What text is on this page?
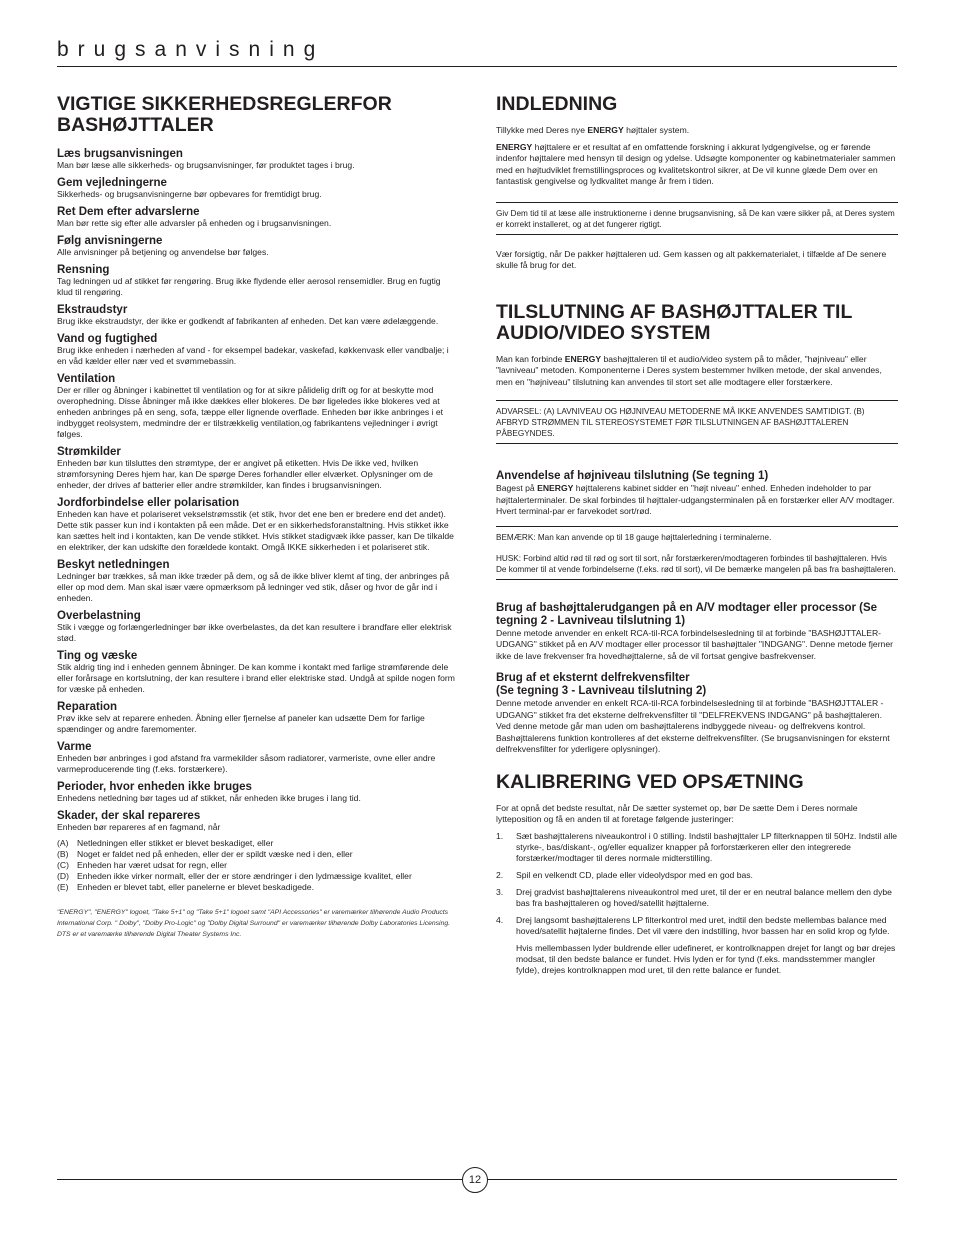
brugsanvisning
VIGTIGE SIKKERHEDSREGLERFOR BASHØJTTALER
Læs brugsanvisningen
Man bør læse alle sikkerheds- og brugsanvisninger, før produktet tages i brug.
Gem vejledningerne
Sikkerheds- og brugsanvisningerne bør opbevares for fremtidigt brug.
Ret Dem efter advarslerne
Man bør rette sig efter alle advarsler på enheden og i brugsanvisningen.
Følg anvisningerne
Alle anvisninger på betjening og anvendelse bør følges.
Rensning
Tag ledningen ud af stikket før rengøring. Brug ikke flydende eller aerosol rensemidler. Brug en fugtig klud til rengøring.
Ekstraudstyr
Brug ikke ekstraudstyr, der ikke er godkendt af fabrikanten af enheden. Det kan være ødelæggende.
Vand og fugtighed
Brug ikke enheden i nærheden af vand - for eksempel badekar, vaskefad, køkkenvask eller vandbalje; i en våd kælder eller nær ved et svømmebassin.
Ventilation
Der er riller og åbninger i kabinettet til ventilation og for at sikre pålidelig drift og for at beskytte mod overophedning. Disse åbninger må ikke dækkes eller blokeres. De bør ligeledes ikke blokeres ved at enheden anbringes på en seng, sofa, tæppe eller lignende overflade. Enheden bør ikke anbringes i et indbygget reolsystem, medmindre der er tilstrækkelig ventilation,og fabrikantens vejledninger i øvrigt følges.
Strømkilder
Enheden bør kun tilsluttes den strømtype, der er angivet på etiketten. Hvis De ikke ved, hvilken strømforsyning Deres hjem har, kan De spørge Deres forhandler eller elværket. Oplysninger om de enheder, der drives af batterier eller andre strømkilder, kan findes i brugsanvisningen.
Jordforbindelse eller polarisation
Enheden kan have et polariseret vekselstrømsstik (et stik, hvor det ene ben er bredere end det andet). Dette stik passer kun ind i kontakten på een måde. Det er en sikkerhedsforanstaltning. Hvis stikket ikke kan sættes helt ind i kontakten, kan De vende stikket. Hvis stikket stadigvæk ikke passer, kan De tilkalde en elektriker, der kan udskifte den forældede kontakt. Omgå IKKE sikkerheden i et polariseret stik.
Beskyt netledningen
Ledninger bør trækkes, så man ikke træder på dem, og så de ikke bliver klemt af ting, der anbringes på eller op mod dem. Man skal især være opmærksom på ledninger ved stik, dåser og hvor de går ind i enheden.
Overbelastning
Stik i vægge og forlængerledninger bør ikke overbelastes, da det kan resultere i brandfare eller elektrisk stød.
Ting og væske
Stik aldrig ting ind i enheden gennem åbninger. De kan komme i kontakt med farlige strømførende dele eller forårsage en kortslutning, der kan resultere i brand eller elektriske stød. Undgå at spilde nogen form for væske på enheden.
Reparation
Prøv ikke selv at reparere enheden. Åbning eller fjernelse af paneler kan udsætte Dem for farlige spændinger og andre faremomenter.
Varme
Enheden bør anbringes i god afstand fra varmekilder såsom radiatorer, varmeriste, ovne eller andre varmeproducerende ting (f.eks. forstærkere).
Perioder, hvor enheden ikke bruges
Enhedens netledning bør tages ud af stikket, når enheden ikke bruges i lang tid.
Skader, der skal repareres
Enheden bør repareres af en fagmand, når
(A) Netledningen eller stikket er blevet beskadiget, eller
(B) Noget er faldet ned på enheden, eller der er spildt væske ned i den, eller
(C) Enheden har været udsat for regn, eller
(D) Enheden ikke virker normalt, eller der er store ændringer i den lydmæssige kvalitet, eller
(E) Enheden er blevet tabt, eller panelerne er blevet beskadigede.
"ENERGY", "ENERGY" logoet, "Take 5+1" og "Take 5+1" logoet samt "API Accessories" er varemærker tilhørende Audio Products International Corp. " Dolby", "Dolby Pro-Logic" og "Dolby Digital Surround" er varemærker tilhørende Dolby Laboratories Licensing. DTS er et varemærke tilhørende Digital Theater Systems Inc.
INDLEDNING

Tillykke med Deres nye ENERGY højttaler system.

ENERGY højttalere er et resultat af en omfattende forskning i akkurat lydgengivelse, og er førende indenfor højttalere med hensyn til design og ydelse. Udsøgte komponenter og kabinetmaterialer sammen med en højtudviklet fremstillingsproces og kvalitetskontrol sikrer, at De vil kunne glæde Dem over en fantastisk gengivelse og lydkvalitet mange år frem i tiden.

Giv Dem tid til at læse alle instruktionerne i denne brugsanvisning, så De kan være sikker på, at Deres system er korrekt installeret, og at det fungerer rigtigt.

Vær forsigtig, når De pakker højttaleren ud. Gem kassen og alt pakkematerialet, i tilfælde af De senere skulle få brug for det.

TILSLUTNING AF BASHØJTTALER TIL AUDIO/VIDEO SYSTEM

Man kan forbinde ENERGY bashøjttaleren til et audio/video system på to måder, "højniveau" eller "lavniveau" metoden. Komponenterne i Deres system bestemmer hvilken metode, der skal anvendes, men en "højniveau" tilslutning kan anvendes til stort set alle modtagere eller forstærkere.

ADVARSEL: (A) LAVNIVEAU OG HØJNIVEAU METODERNE MÅ IKKE ANVENDES SAMTIDIGT. (B) AFBRYD STRØMMEN TIL STEREOSYSTEMET FØR TILSLUTNINGEN AF BASHØJTTALEREN PÅBEGYNDES.

Anvendelse af højniveau tilslutning (Se tegning 1)

Bagest på ENERGY højttalerens kabinet sidder en "højt niveau" enhed. Enheden indeholder to par højttalerterminaler. De skal forbindes til højttaler-udgangsterminalen på en forstærker eller A/V modtager. Hvert terminal-par er farvekodet sort/rød.

BEMÆRK: Man kan anvende op til 18 gauge højttalerledning i terminalerne.

HUSK: Forbind altid rød til rød og sort til sort, når forstærkeren/modtageren forbindes til bashøjttaleren. Hvis De kommer til at vende forbindelserne (f.eks. rød til sort), vil De bemærke mangelen på bas fra bashøjttaleren.

Brug af bashøjttalerudgangen på en A/V modtager eller processor (Se tegning 2 - Lavniveau tilslutning 1)

Denne metode anvender en enkelt RCA-til-RCA forbindelsesledning til at forbinde "BASHØJTTALER-UDGANG" stikket på en A/V modtager eller processor til bashøjttaler "INDGANG". Denne metode fjerner ikke de lave frekvenser fra hovedhøjttalerne, så de vil fortsat gengive basfrekvenser.

Brug af et eksternt delfrekvensfilter
(Se tegning 3 - Lavniveau tilslutning 2)

Denne metode anvender en enkelt RCA-til-RCA forbindelsesledning til at forbinde "BASHØJTTALER -UDGANG" stikket fra det eksterne delfrekvensfilter til "DELFREKVENS INDGANG" på bashøjttaleren. Ved denne metode går man uden om bashøjttalerens indbyggede niveau- og delfrekvens kontrol. Bashøjttalerens funktion kontrolleres af det eksterne delfrekvensfilter. (Se brugsanvisningen for eksternt delfrekvensfilter for yderligere oplysninger).

KALIBRERING VED OPSÆTNING

For at opnå det bedste resultat, når De sætter systemet op, bør De sætte Dem i Deres normale lytteposition og få en anden til at foretage følgende justeringer:

1.	Sæt bashøjttalerens niveaukontrol i 0 stilling. Indstil bashøjttaler LP filterknappen til 50Hz. Indstil alle styrke-, bas/diskant-, og/eller equalizer knapper på forforstærkeren eller den integrerede forstærker/modtager til deres normale midterstilling.
2.	Spil en velkendt CD, plade eller videolydspor med en god bas.
3.	Drej gradvist bashøjttalerens niveaukontrol med uret, til der er en neutral balance mellem den dybe bas fra bashøjttaleren og hoved/satellit højttalerne.
4.	Drej langsomt bashøjttalerens LP filterkontrol med uret, indtil den bedste mellembas balance med hoved/satellit højtalerne findes. Det vil være den indstilling, hvor bassen har en solid krop og fylde.
Hvis mellembassen lyder buldrende eller udefineret, er kontrolknappen drejet for langt og bør drejes modsat, til den bedste balance er fundet. Hvis lyden er for tynd (f.eks. mandsstemmer mangler fylde), drejes kontrolknappen mod uret, til den rette balance er fundet.
12
